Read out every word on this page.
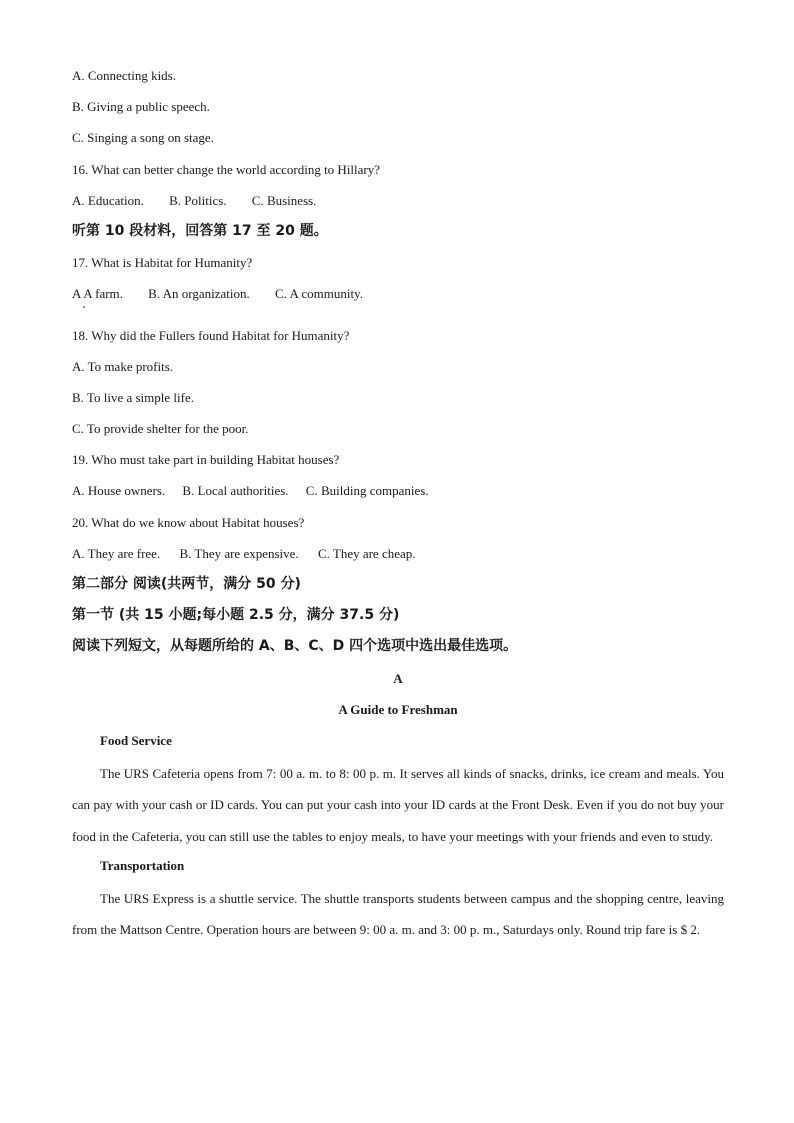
A. Connecting kids.
B. Giving a public speech.
C. Singing a song on stage.
16. What can better change the world according to Hillary?
A. Education. B. Politics. C. Business.
听第 10 段材料，回答第 17 至 20 题。
17. What is Habitat for Humanity?
A A farm. B. An organization. C. A community.
18. Why did the Fullers found Habitat for Humanity?
A. To make profits.
B. To live a simple life.
C. To provide shelter for the poor.
19. Who must take part in building Habitat houses?
A. House owners. B. Local authorities. C. Building companies.
20. What do we know about Habitat houses?
A. They are free. B. They are expensive. C. They are cheap.
第二部分 阅读(共两节，满分 50 分)
第一节 (共 15 小题;每小题 2.5 分，满分 37.5 分)
阅读下列短文，从每题所给的 A、B、C、D 四个选项中选出最佳选项。
A
A Guide to Freshman
Food Service
The URS Cafeteria opens from 7: 00 a. m. to 8: 00 p. m. It serves all kinds of snacks, drinks, ice cream and meals. You can pay with your cash or ID cards. You can put your cash into your ID cards at the Front Desk. Even if you do not buy your food in the Cafeteria, you can still use the tables to enjoy meals, to have your meetings with your friends and even to study.
Transportation
The URS Express is a shuttle service. The shuttle transports students between campus and the shopping centre, leaving from the Mattson Centre. Operation hours are between 9: 00 a. m. and 3: 00 p. m., Saturdays only. Round trip fare is $ 2.
